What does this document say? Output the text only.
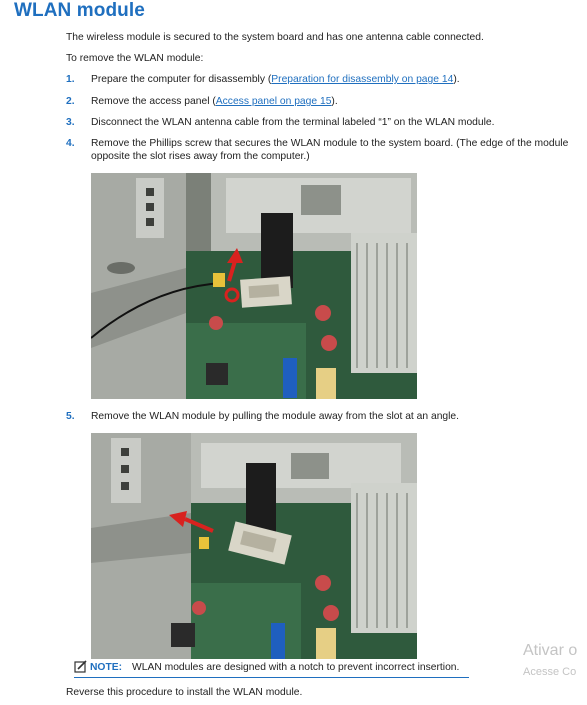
WLAN module

The wireless module is secured to the system board and has one antenna cable connected.

To remove the WLAN module:

1.	Prepare the computer for disassembly (Preparation for disassembly on page 14).
2.	Remove the access panel (Access panel on page 15).
3.	Disconnect the WLAN antenna cable from the terminal labeled “1” on the WLAN module.
4.	Remove the Phillips screw that secures the WLAN module to the system board. (The edge of the module opposite the slot rises away from the computer.)
5.	Remove the WLAN module by pulling the module away from the slot at an angle.
NOTE: WLAN modules are designed with a notch to prevent incorrect insertion.

Reverse this procedure to install the WLAN module.

Ativar o
Acesse Co
